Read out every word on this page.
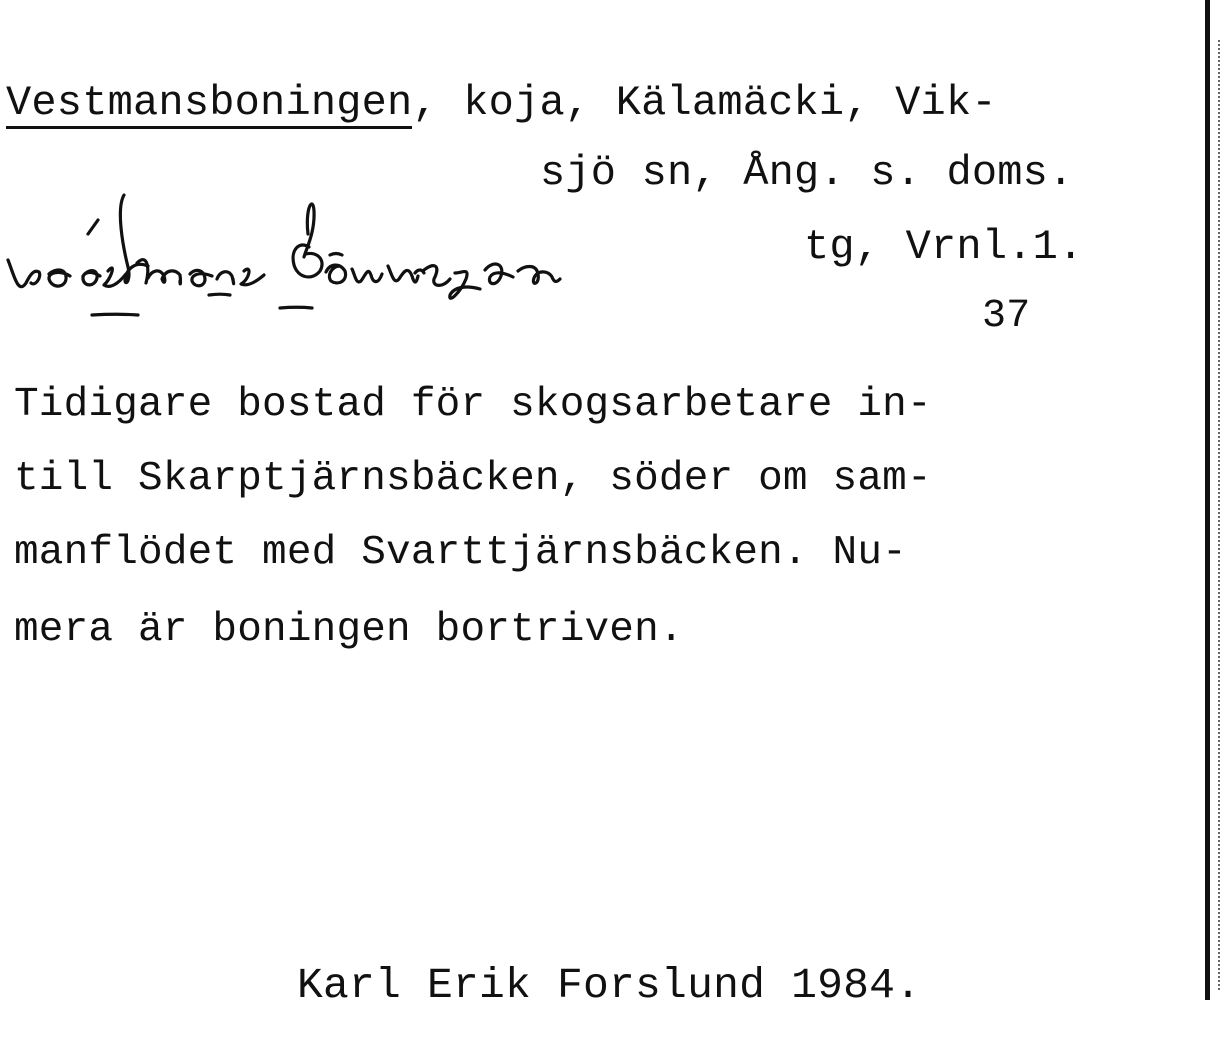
Vestmansboningen, koja, Kälamäcki, Vik-
sjö sn, Ång. s. doms.
västmansbönnzan
tg, Vrnl.1.
37
Tidigare bostad för skogsarbetare in-
till Skarptjärnsbäcken, söder om sam-
manflödet med Svarttjärnsbäcken. Nu-
mera är boningen bortriven.
Karl Erik Forslund 1984.
